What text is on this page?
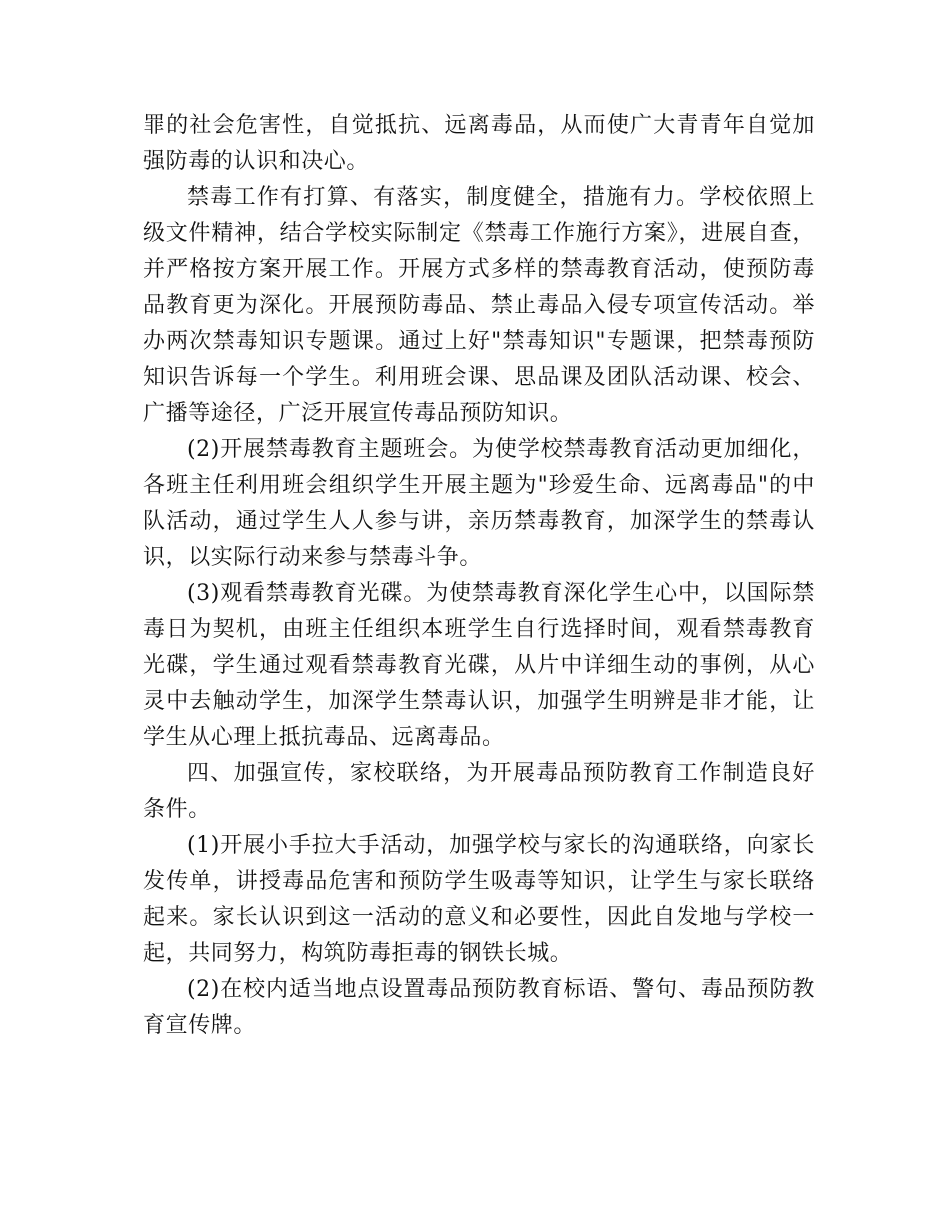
罪的社会危害性，自觉抵抗、远离毒品，从而使广大青青年自觉加强防毒的认识和决心。

禁毒工作有打算、有落实，制度健全，措施有力。学校依照上级文件精神，结合学校实际制定《禁毒工作施行方案》，进展自查，并严格按方案开展工作。开展方式多样的禁毒教育活动，使预防毒品教育更为深化。开展预防毒品、禁止毒品入侵专项宣传活动。举办两次禁毒知识专题课。通过上好"禁毒知识"专题课，把禁毒预防知识告诉每一个学生。利用班会课、思品课及团队活动课、校会、广播等途径，广泛开展宣传毒品预防知识。

(2)开展禁毒教育主题班会。为使学校禁毒教育活动更加细化，各班主任利用班会组织学生开展主题为"珍爱生命、远离毒品"的中队活动，通过学生人人参与讲，亲历禁毒教育，加深学生的禁毒认识，以实际行动来参与禁毒斗争。

(3)观看禁毒教育光碟。为使禁毒教育深化学生心中，以国际禁毒日为契机，由班主任组织本班学生自行选择时间，观看禁毒教育光碟，学生通过观看禁毒教育光碟，从片中详细生动的事例，从心灵中去触动学生，加深学生禁毒认识，加强学生明辨是非才能，让学生从心理上抵抗毒品、远离毒品。

四、加强宣传，家校联络，为开展毒品预防教育工作制造良好条件。

(1)开展小手拉大手活动，加强学校与家长的沟通联络，向家长发传单，讲授毒品危害和预防学生吸毒等知识，让学生与家长联络起来。家长认识到这一活动的意义和必要性，因此自发地与学校一起，共同努力，构筑防毒拒毒的钢铁长城。

(2)在校内适当地点设置毒品预防教育标语、警句、毒品预防教育宣传牌。
